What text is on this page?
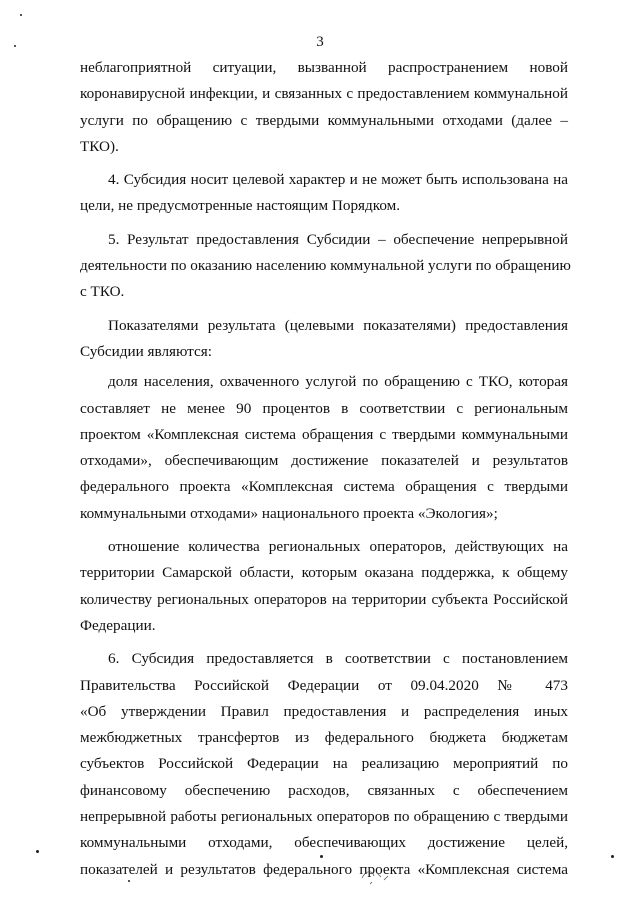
3
неблагоприятной ситуации, вызванной распространением новой
коронавирусной инфекции, и связанных с предоставлением коммунальной
услуги по обращению с твердыми коммунальными отходами (далее –
ТКО).
4. Субсидия носит целевой характер и не может быть использована на
цели, не предусмотренные настоящим Порядком.
5. Результат предоставления Субсидии – обеспечение непрерывной
деятельности по оказанию населению коммунальной услуги по обращению
с ТКО.
Показателями результата (целевыми показателями) предоставления
Субсидии являются:
доля населения, охваченного услугой по обращению с ТКО, которая
составляет не менее 90 процентов в соответствии с региональным
проектом «Комплексная система обращения с твердыми коммунальными
отходами», обеспечивающим достижение показателей и результатов
федерального проекта «Комплексная система обращения с твердыми
коммунальными отходами» национального проекта «Экология»;
отношение количества региональных операторов, действующих на
территории Самарской области, которым оказана поддержка, к общему
количеству региональных операторов на территории субъекта Российской
Федерации.
6. Субсидия предоставляется в соответствии с постановлением
Правительства Российской Федерации от 09.04.2020 № 473
«Об утверждении Правил предоставления и распределения иных
межбюджетных трансфертов из федерального бюджета бюджетам
субъектов Российской Федерации на реализацию мероприятий по
финансовому обеспечению расходов, связанных с обеспечением
непрерывной работы региональных операторов по обращению с твердыми
коммунальными отходами, обеспечивающих достижение целей,
показателей и результатов федерального проекта «Комплексная система
